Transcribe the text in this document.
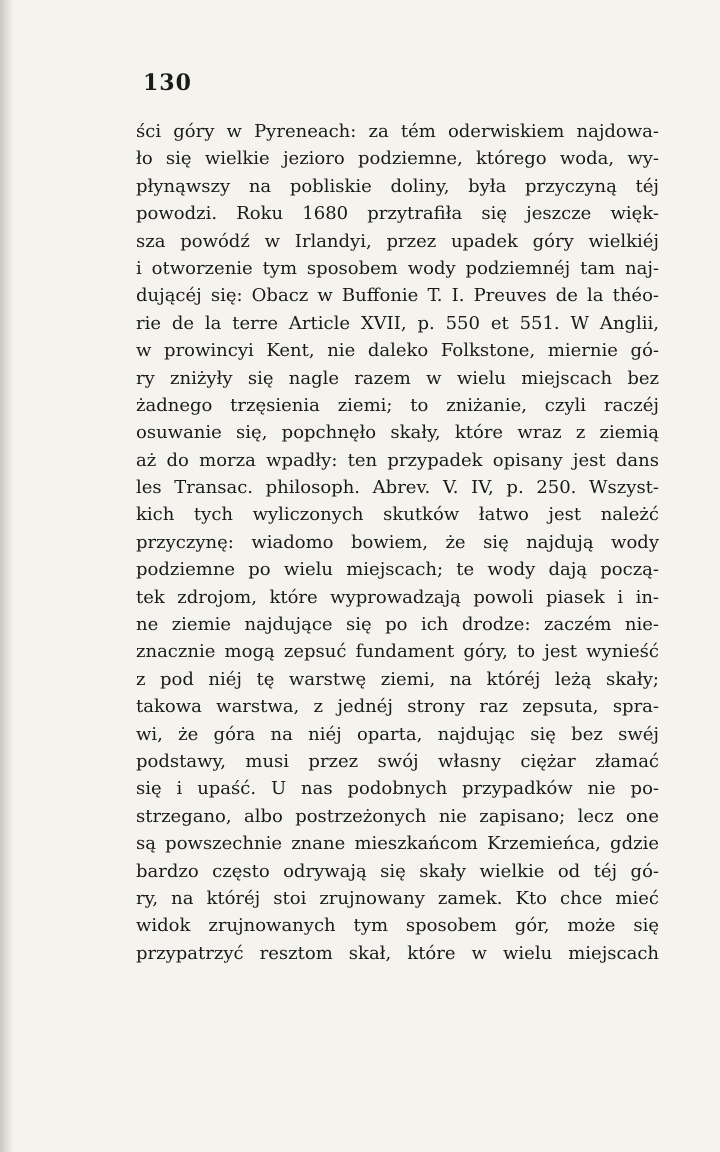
130
ści góry w Pyreneach: za tém oderwiskiem najdowa-
ło się wielkie jezioro podziemne, którego woda, wy-
płynąwszy na pobliskie doliny, była przyczyną téj
powodzi. Roku 1680 przytrafiła się jeszcze więk-
sza powódź w Irlandyi, przez upadek góry wielkiéj
i otworzenie tym sposobem wody podziemnéj tam naj-
dującéj się: Obacz w Buffonie T. I. Preuves de la théo-
rie de la terre Article XVII, p. 550 et 551. W Anglii,
w prowincyi Kent, nie daleko Folkstone, miernie gó-
ry zniżyły się nagle razem w wielu miejscach bez
żadnego trzęsienia ziemi; to zniżanie, czyli raczéj
osuwanie się, popchnęło skały, które wraz z ziemią
aż do morza wpadły: ten przypadek opisany jest dans
les Transac. philosoph. Abrev. V. IV, p. 250. Wszyst-
kich tych wyliczonych skutków łatwo jest należć
przyczynę: wiadomo bowiem, że się najdują wody
podziemne po wielu miejscach; te wody dają począ-
tek zdrojom, które wyprowadzają powoli piasek i in-
ne ziemie najdujące się po ich drodze: zaczém nie-
znacznie mogą zepsuć fundament góry, to jest wynieść
z pod niéj tę warstwę ziemi, na któréj leżą skały;
takowa warstwa, z jednéj strony raz zepsuta, spra-
wi, że góra na niéj oparta, najdując się bez swéj
podstawy, musi przez swój własny ciężar złamać
się i upaść. U nas podobnych przypadków nie po-
strzegano, albo postrzeżonych nie zapisano; lecz one
są powszechnie znane mieszkańcom Krzemieńca, gdzie
bardzo często odrywają się skały wielkie od téj gó-
ry, na któréj stoi zrujnowany zamek. Kto chce mieć
widok zrujnowanych tym sposobem gór, może się
przypatrzyć resztom skał, które w wielu miejscach
